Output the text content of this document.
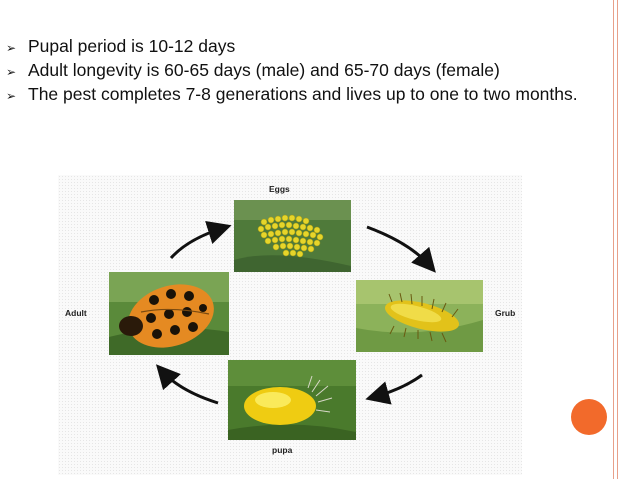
➢ Pupal period is 10-12 days
➢ Adult longevity is 60-65 days (male) and 65-70 days (female)
➢ The pest completes 7-8 generations and lives up to one to two months.
Eggs
Grub
pupa
Adult
